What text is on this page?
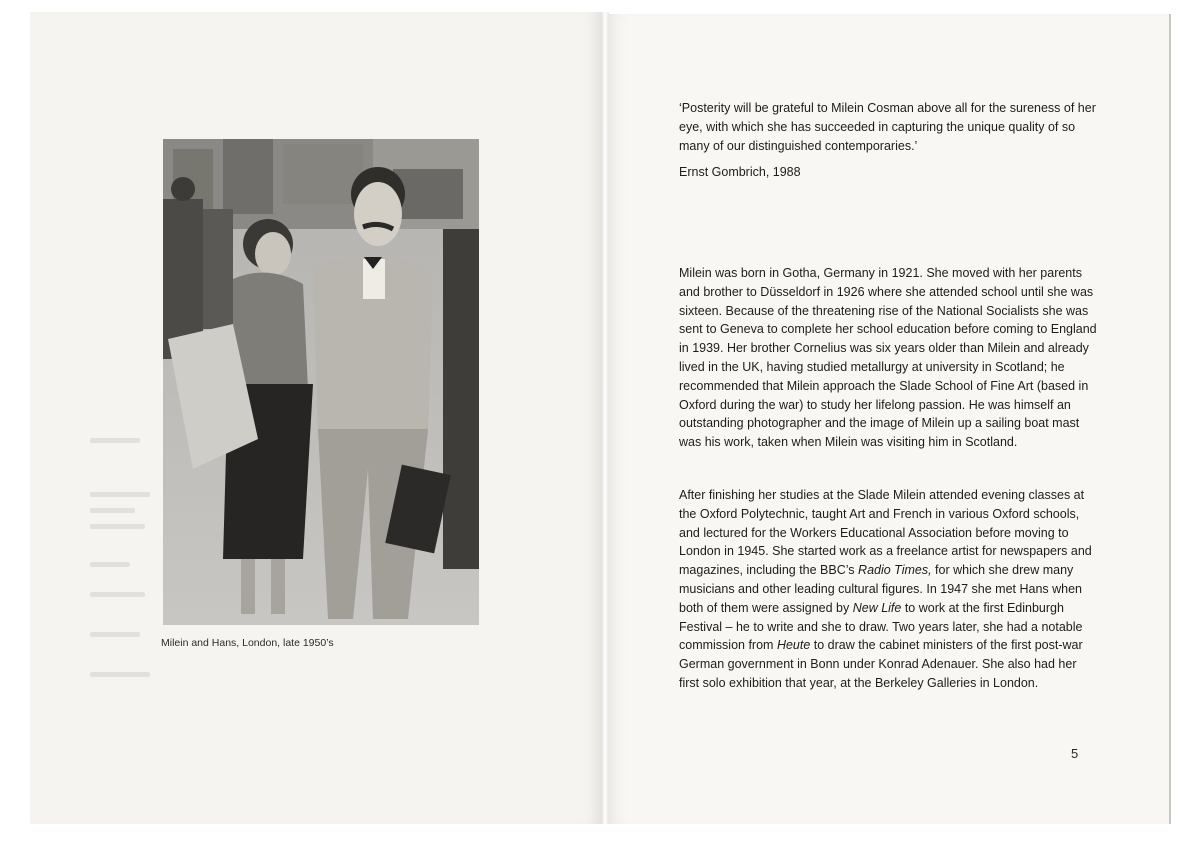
Milein and Hans, London, late 1950’s

‘Posterity will be grateful to Milein Cosman above all for the sureness of her eye, with which she has succeeded in capturing the unique quality of so many of our distinguished contemporaries.’

Ernst Gombrich, 1988

Milein was born in Gotha, Germany in 1921. She moved with her parents and brother to Düsseldorf in 1926 where she attended school until she was sixteen. Because of the threatening rise of the National Socialists she was sent to Geneva to complete her school education before coming to England in 1939. Her brother Cornelius was six years older than Milein and already lived in the UK, having studied metallurgy at university in Scotland; he recommended that Milein approach the Slade School of Fine Art (based in Oxford during the war) to study her lifelong passion. He was himself an outstanding photographer and the image of Milein up a sailing boat mast was his work, taken when Milein was visiting him in Scotland.

After finishing her studies at the Slade Milein attended evening classes at the Oxford Polytechnic, taught Art and French in various Oxford schools, and lectured for the Workers Educational Association before moving to London in 1945. She started work as a freelance artist for newspapers and magazines, including the BBC’s Radio Times, for which she drew many musicians and other leading cultural figures. In 1947 she met Hans when both of them were assigned by New Life to work at the first Edinburgh Festival – he to write and she to draw. Two years later, she had a notable commission from Heute to draw the cabinet ministers of the first post-war German government in Bonn under Konrad Adenauer. She also had her first solo exhibition that year, at the Berkeley Galleries in London.

5
